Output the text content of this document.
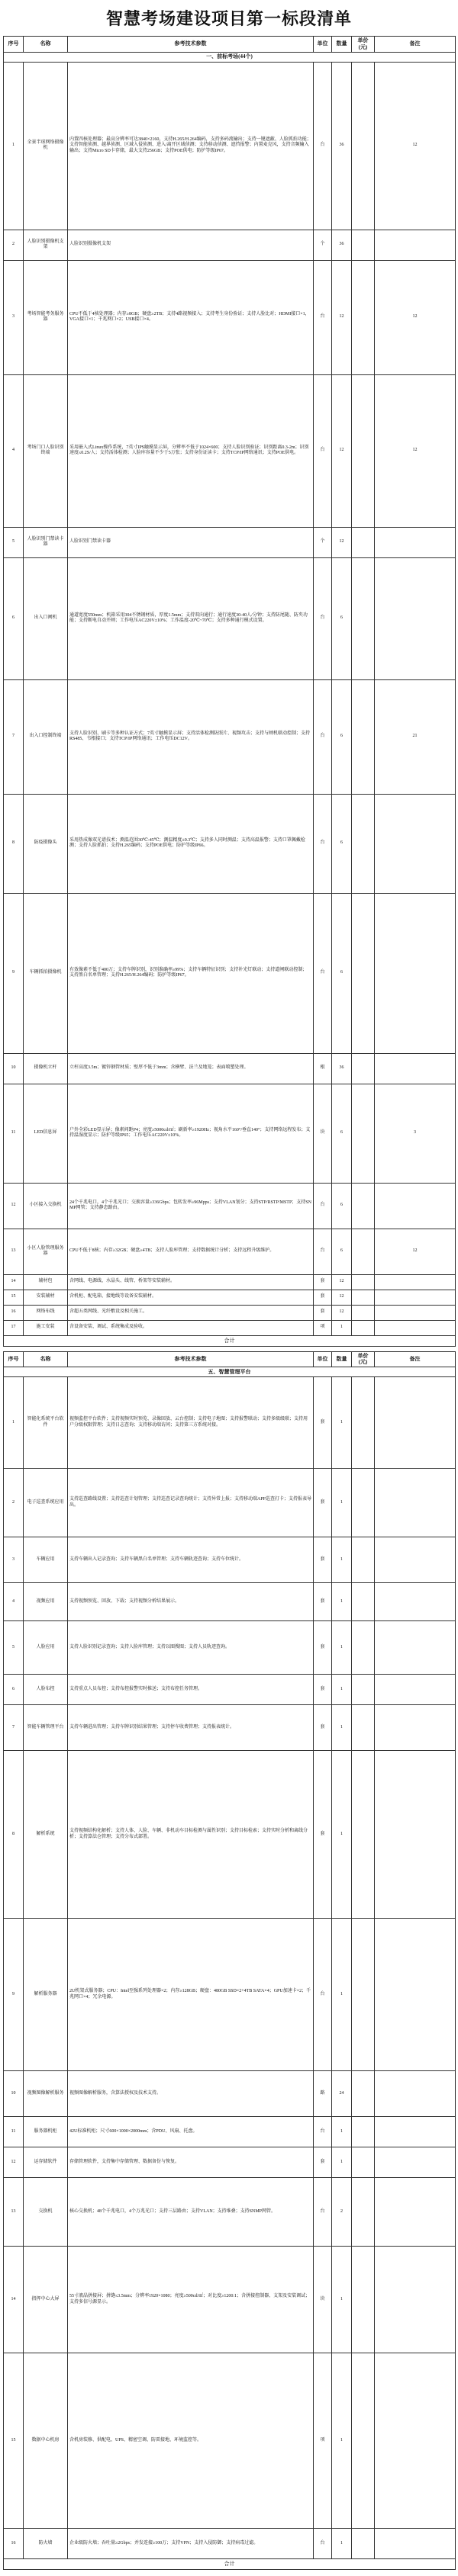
智慧考场建设项目第一标段清单
序号	名称	参考技术参数	单位	数量	单价(元)	备注
一、前标考场(44个)						
1	全景半球网络摄像机	内置四核处理器；最高分辨率可达3840×2160，支持H.265/H.264编码，支持多码流输出；支持一键遮蔽、人脸抓拍功能；支持智能侦测、越界侦测、区域入侵侦测、进入/离开区域侦测；支持移动侦测、遮挡报警；内置麦克风，支持音频输入输出；支持Micro SD卡存储，最大支持256GB；支持POE供电；防护等级IP67。	台	36		12
2	人脸识别摄像机支架	人脸识别摄像机支架	个	36		
3	考场智能考务服务器	CPU不低于4核处理器；内存≥8GB；硬盘≥2TB；支持4路视频接入；支持考生身份验证；支持人脸比对；HDMI接口×1，VGA接口×1；千兆网口×2；USB接口×4。	台	12		12
4	考场门口人脸识别终端	采用嵌入式Linux操作系统，7英寸IPS触摸显示屏，分辨率不低于1024×600；支持人脸识别验证；识别距离0.3-2m；识别速度≤0.2S/人；支持活体检测；人脸库容量不少于5万张；支持身份证读卡；支持TCP/IP网络通讯；支持POE供电。	台	12		12
5	人脸识别门禁读卡器	人脸识别门禁读卡器	个	12		
6	出入口闸机	通道宽度550mm；机箱采用304不锈钢材质，厚度1.5mm；支持双向通行；通行速度30-40人/分钟；支持防尾随、防夹功能；支持断电自动开闸；工作电压AC220V±10%；工作温度-20℃~70℃；支持多种通行模式设置。	台	6		
7	出入口控制终端	支持人脸识别、刷卡等多种认证方式；7英寸触摸显示屏；支持活体检测防照片、视频攻击；支持与闸机联动控制；支持RS485、韦根接口；支持TCP/IP网络通讯；工作电压DC12V。	台	6		21
8	防疫摄像头	采用热成像双光谱技术；测温范围30℃-45℃；测温精度±0.3℃；支持多人同时测温；支持高温报警；支持口罩佩戴检测；支持人脸抓拍；支持H.265编码；支持POE供电；防护等级IP66。	台	6		
9	车辆抓拍摄像机	有效像素不低于400万；支持车牌识别，识别准确率≥99%；支持车辆特征识别；支持补光灯联动；支持道闸联动控制；支持黑白名单管理；支持H.265/H.264编码；防护等级IP67。	台	6		
10	摄像机立杆	立杆高度3.5m；镀锌钢管材质；壁厚不低于3mm；含横臂、法兰及地笼；表面喷塑处理。	根	36		
11	LED信息屏	户外全彩LED显示屏；像素间距P4；亮度≥5000cd/㎡；刷新率≥1920Hz；视角水平160°/垂直140°；支持网络远程发布；支持温湿度显示；防护等级IP65；工作电压AC220V±10%。	块	6		3
12	小区接入交换机	24个千兆电口，4个千兆光口；交换容量≥336Gbps；包转发率≥96Mpps；支持VLAN划分；支持STP/RSTP/MSTP；支持SNMP网管；支持静态路由。	台	6		
13	小区人脸管理服务器	CPU不低于8核；内存≥32GB；硬盘≥4TB；支持人脸库管理；支持数据统计分析；支持远程升级维护。	台	6		12
14	辅材包	含网线、电源线、水晶头、线管、桥架等安装辅材。	套	12		
15	安装辅材	含机柜、配电箱、接地线等设备安装辅材。	套	12		
16	网络布线	含超五类网线、光纤敷设及相关施工。	套	12		
17	施工安装	含设备安装、调试、系统集成及验收。	项	1		
合计						
序号	名称	参考技术参数	单位	数量	单价(元)	备注
五、智慧管理平台						
1	智能化系统平台软件	视频监控平台软件；支持视频实时预览、录像回放、云台控制；支持电子地图；支持报警联动；支持多级级联；支持用户分级权限管理；支持日志查询；支持移动端访问；支持第三方系统对接。	套	1		
2	电子巡查系统应用	支持巡查路线设置；支持巡查计划管理；支持巡查记录查询统计；支持异常上报；支持移动端APP巡查打卡；支持报表导出。	套	1		
3	车辆应用	支持车辆出入记录查询；支持车辆黑白名单管理；支持车辆轨迹查询；支持车位统计。	套	1		
4	视频应用	支持视频预览、回放、下载；支持视频分析结果展示。	套	1		
5	人脸应用	支持人脸识别记录查询；支持人脸库管理；支持以图搜图；支持人员轨迹查询。	套	1		
6	人脸布控	支持重点人员布控；支持布控报警实时推送；支持布控任务管理。	套	1		
7	智能车辆管理平台	支持车辆进出管理；支持车牌识别结果管理；支持停车收费管理；支持报表统计。	套	1		
8	解析系统	支持视频结构化解析；支持人体、人脸、车辆、非机动车目标检测与属性识别；支持目标检索；支持实时分析和离线分析；支持算法仓管理；支持分布式部署。	套	1		
9	解析服务器	2U机架式服务器；CPU：Intel至强系列处理器×2；内存≥128GB；硬盘：480GB SSD×2+4TB SATA×4；GPU加速卡×2；千兆网口×4；冗余电源。	台	1		
10	视频图像解析服务	视频图像解析服务，含算法授权及技术支持。	路	24		
11	服务器机柜	42U标准机柜；尺寸600×1000×2000mm；含PDU、风扇、托盘。	台	1		
12	运存储软件	存储管理软件，支持集中存储管理、数据备份与恢复。	套	1		
13	交换机	核心交换机；48个千兆电口，4个万兆光口；支持三层路由；支持VLAN；支持堆叠；支持SNMP网管。	台	2		
14	指挥中心大屏	55寸液晶拼接屏；拼缝≤3.5mm；分辨率1920×1080；亮度≥500cd/㎡；对比度≥1200:1；含拼接控制器、支架及安装调试；支持多信号源显示。	块	1		
15	数据中心机房	含机房装修、供配电、UPS、精密空调、防雷接地、环境监控等。	项	1		
16	防火墙	企业级防火墙；吞吐量≥2Gbps；并发连接≥100万；支持VPN；支持入侵防御；支持病毒过滤。	台	1		
合计						
